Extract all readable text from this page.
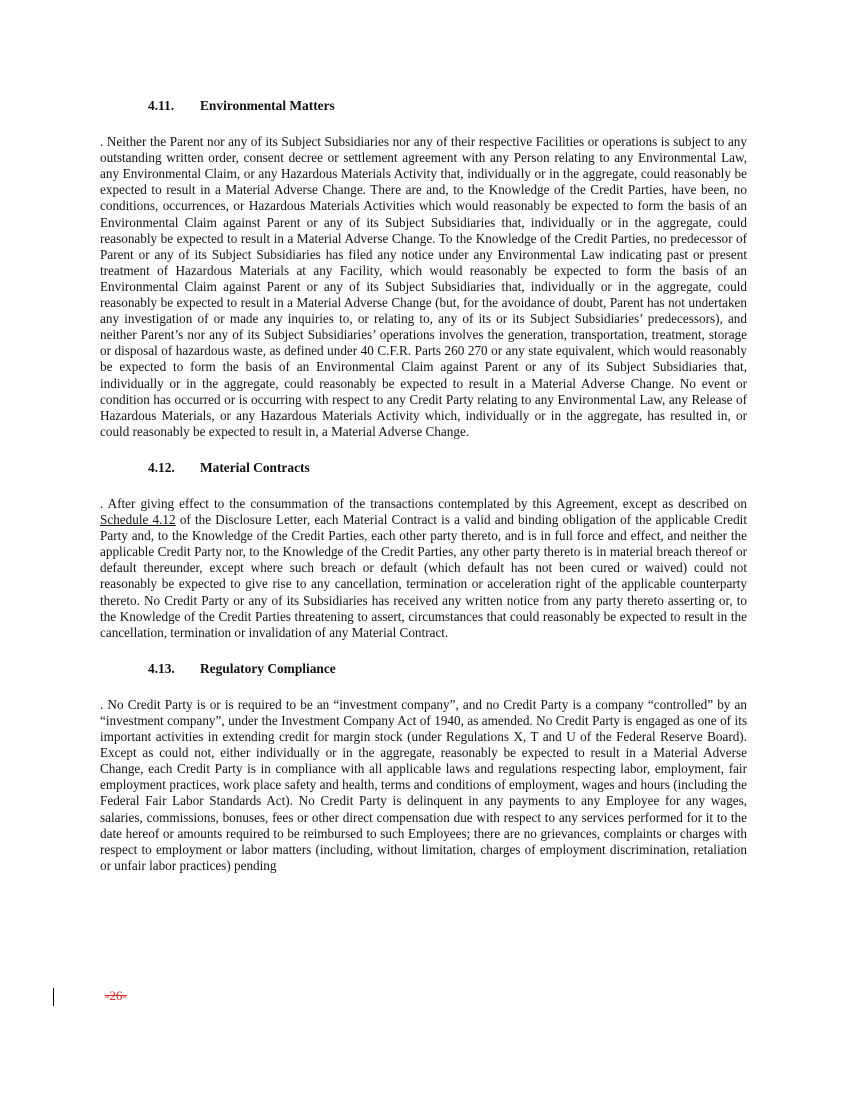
4.11. Environmental Matters

. Neither the Parent nor any of its Subject Subsidiaries nor any of their respective Facilities or operations is subject to any outstanding written order, consent decree or settlement agreement with any Person relating to any Environmental Law, any Environmental Claim, or any Hazardous Materials Activity that, individually or in the aggregate, could reasonably be expected to result in a Material Adverse Change. There are and, to the Knowledge of the Credit Parties, have been, no conditions, occurrences, or Hazardous Materials Activities which would reasonably be expected to form the basis of an Environmental Claim against Parent or any of its Subject Subsidiaries that, individually or in the aggregate, could reasonably be expected to result in a Material Adverse Change. To the Knowledge of the Credit Parties, no predecessor of Parent or any of its Subject Subsidiaries has filed any notice under any Environmental Law indicating past or present treatment of Hazardous Materials at any Facility, which would reasonably be expected to form the basis of an Environmental Claim against Parent or any of its Subject Subsidiaries that, individually or in the aggregate, could reasonably be expected to result in a Material Adverse Change (but, for the avoidance of doubt, Parent has not undertaken any investigation of or made any inquiries to, or relating to, any of its or its Subject Subsidiaries’ predecessors), and neither Parent’s nor any of its Subject Subsidiaries’ operations involves the generation, transportation, treatment, storage or disposal of hazardous waste, as defined under 40 C.F.R. Parts 260 270 or any state equivalent, which would reasonably be expected to form the basis of an Environmental Claim against Parent or any of its Subject Subsidiaries that, individually or in the aggregate, could reasonably be expected to result in a Material Adverse Change. No event or condition has occurred or is occurring with respect to any Credit Party relating to any Environmental Law, any Release of Hazardous Materials, or any Hazardous Materials Activity which, individually or in the aggregate, has resulted in, or could reasonably be expected to result in, a Material Adverse Change.

4.12. Material Contracts

. After giving effect to the consummation of the transactions contemplated by this Agreement, except as described on Schedule 4.12 of the Disclosure Letter, each Material Contract is a valid and binding obligation of the applicable Credit Party and, to the Knowledge of the Credit Parties, each other party thereto, and is in full force and effect, and neither the applicable Credit Party nor, to the Knowledge of the Credit Parties, any other party thereto is in material breach thereof or default thereunder, except where such breach or default (which default has not been cured or waived) could not reasonably be expected to give rise to any cancellation, termination or acceleration right of the applicable counterparty thereto. No Credit Party or any of its Subsidiaries has received any written notice from any party thereto asserting or, to the Knowledge of the Credit Parties threatening to assert, circumstances that could reasonably be expected to result in the cancellation, termination or invalidation of any Material Contract.

4.13. Regulatory Compliance

. No Credit Party is or is required to be an “investment company”, and no Credit Party is a company “controlled” by an “investment company”, under the Investment Company Act of 1940, as amended. No Credit Party is engaged as one of its important activities in extending credit for margin stock (under Regulations X, T and U of the Federal Reserve Board). Except as could not, either individually or in the aggregate, reasonably be expected to result in a Material Adverse Change, each Credit Party is in compliance with all applicable laws and regulations respecting labor, employment, fair employment practices, work place safety and health, terms and conditions of employment, wages and hours (including the Federal Fair Labor Standards Act). No Credit Party is delinquent in any payments to any Employee for any wages, salaries, commissions, bonuses, fees or other direct compensation due with respect to any services performed for it to the date hereof or amounts required to be reimbursed to such Employees; there are no grievances, complaints or charges with respect to employment or labor matters (including, without limitation, charges of employment discrimination, retaliation or unfair labor practices) pending

-26-
